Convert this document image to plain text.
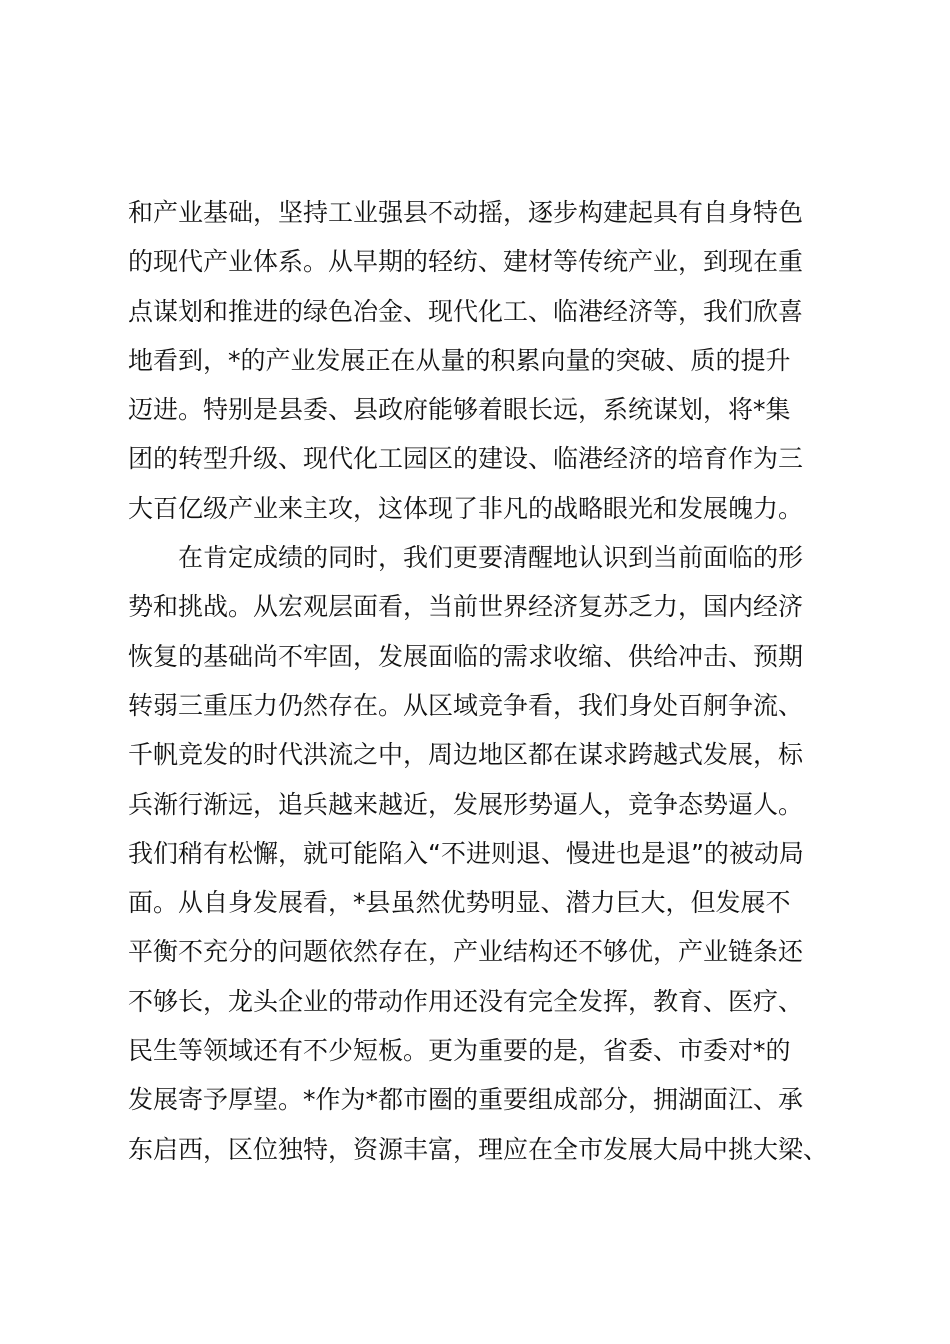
和产业基础，坚持工业强县不动摇，逐步构建起具有自身特色
的现代产业体系。从早期的轻纺、建材等传统产业，到现在重
点谋划和推进的绿色冶金、现代化工、临港经济等，我们欣喜
地看到，*的产业发展正在从量的积累向量的突破、质的提升
迈进。特别是县委、县政府能够着眼长远，系统谋划，将*集
团的转型升级、现代化工园区的建设、临港经济的培育作为三
大百亿级产业来主攻，这体现了非凡的战略眼光和发展魄力。
在肯定成绩的同时，我们更要清醒地认识到当前面临的形
势和挑战。从宏观层面看，当前世界经济复苏乏力，国内经济
恢复的基础尚不牢固，发展面临的需求收缩、供给冲击、预期
转弱三重压力仍然存在。从区域竞争看，我们身处百舸争流、
千帆竞发的时代洪流之中，周边地区都在谋求跨越式发展，标
兵渐行渐远，追兵越来越近，发展形势逼人，竞争态势逼人。
我们稍有松懈，就可能陷入“不进则退、慢进也是退”的被动局
面。从自身发展看，*县虽然优势明显、潜力巨大，但发展不
平衡不充分的问题依然存在，产业结构还不够优，产业链条还
不够长，龙头企业的带动作用还没有完全发挥，教育、医疗、
民生等领域还有不少短板。更为重要的是，省委、市委对*的
发展寄予厚望。*作为*都市圈的重要组成部分，拥湖面江、承
东启西，区位独特，资源丰富，理应在全市发展大局中挑大梁、
